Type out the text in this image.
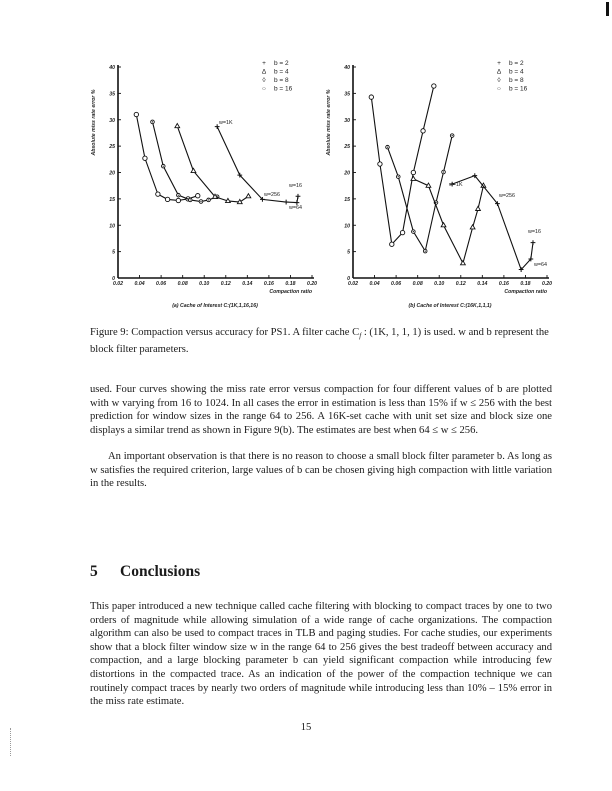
0
5
10
15
20
25
30
35
40
0.02 0.04 0.06 0.08 0.10 0.12 0.14 0.16 0.18 0.20
Compaction ratio
Absolute miss rate error %
(a) Cache of Interest C:(1K,1,16,16)
+ b = 2
Δ b = 4
◊ b = 8
○ b = 16
w=1K
w=256
w=16
w=64
0
5
10
15
20
25
30
35
40
0.02 0.04 0.06 0.08 0.10 0.12 0.14 0.16 0.18 0.20
Compaction ratio
Absolute miss rate error %
(b) Cache of Interest C:(16K,1,1,1)
+ b = 2
Δ b = 4
◊ b = 8
○ b = 16
w=1K
w=256
w=16
w=64
Figure 9: Compaction versus accuracy for PS1. A filter cache $C_f$ : (1K, 1, 1, 1) is used. w and b represent the block filter parameters.
used. Four curves showing the miss rate error versus compaction for four different values of b are plotted with w varying from 16 to 1024. In all cases the error in estimation is less than 15% if w ≤ 256 with the best prediction for window sizes in the range 64 to 256. A 16K-set cache with unit set size and block size one displays a similar trend as shown in Figure 9(b). The estimates are best when 64 ≤ w ≤ 256.
An important observation is that there is no reason to choose a small block filter parameter b. As long as w satisfies the required criterion, large values of b can be chosen giving high compaction with little variation in the results.
5 Conclusions
This paper introduced a new technique called cache filtering with blocking to compact traces by one to two orders of magnitude while allowing simulation of a wide range of cache organizations. The compaction algorithm can also be used to compact traces in TLB and paging studies. For cache studies, our experiments show that a block filter window size w in the range 64 to 256 gives the best tradeoff between accuracy and compaction, and a large blocking parameter b can yield significant compaction while introducing few distortions in the compacted trace. As an indication of the power of the compaction technique we can routinely compact traces by nearly two orders of magnitude while introducing less than 10% – 15% error in the miss rate estimate.
15
